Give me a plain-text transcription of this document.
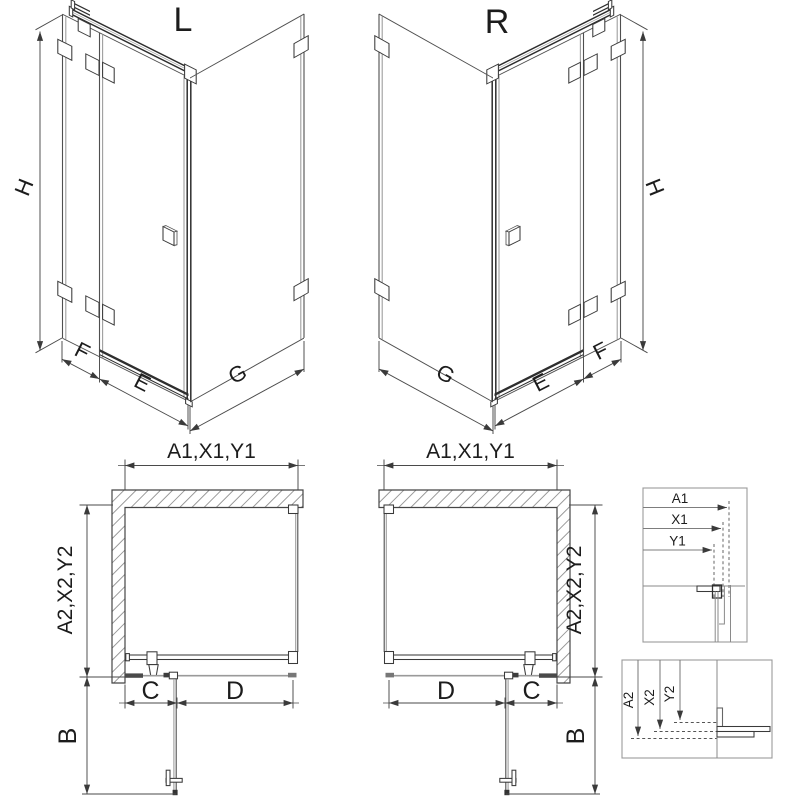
A1
X1
Y1
A2 X2 Y2
L
H
F
E	G
R
H
F
E
G
A1,X1,Y1
A2,X2,Y2
C	D
B
A1,X1,Y1
A2,X2,Y2
D	C
B
